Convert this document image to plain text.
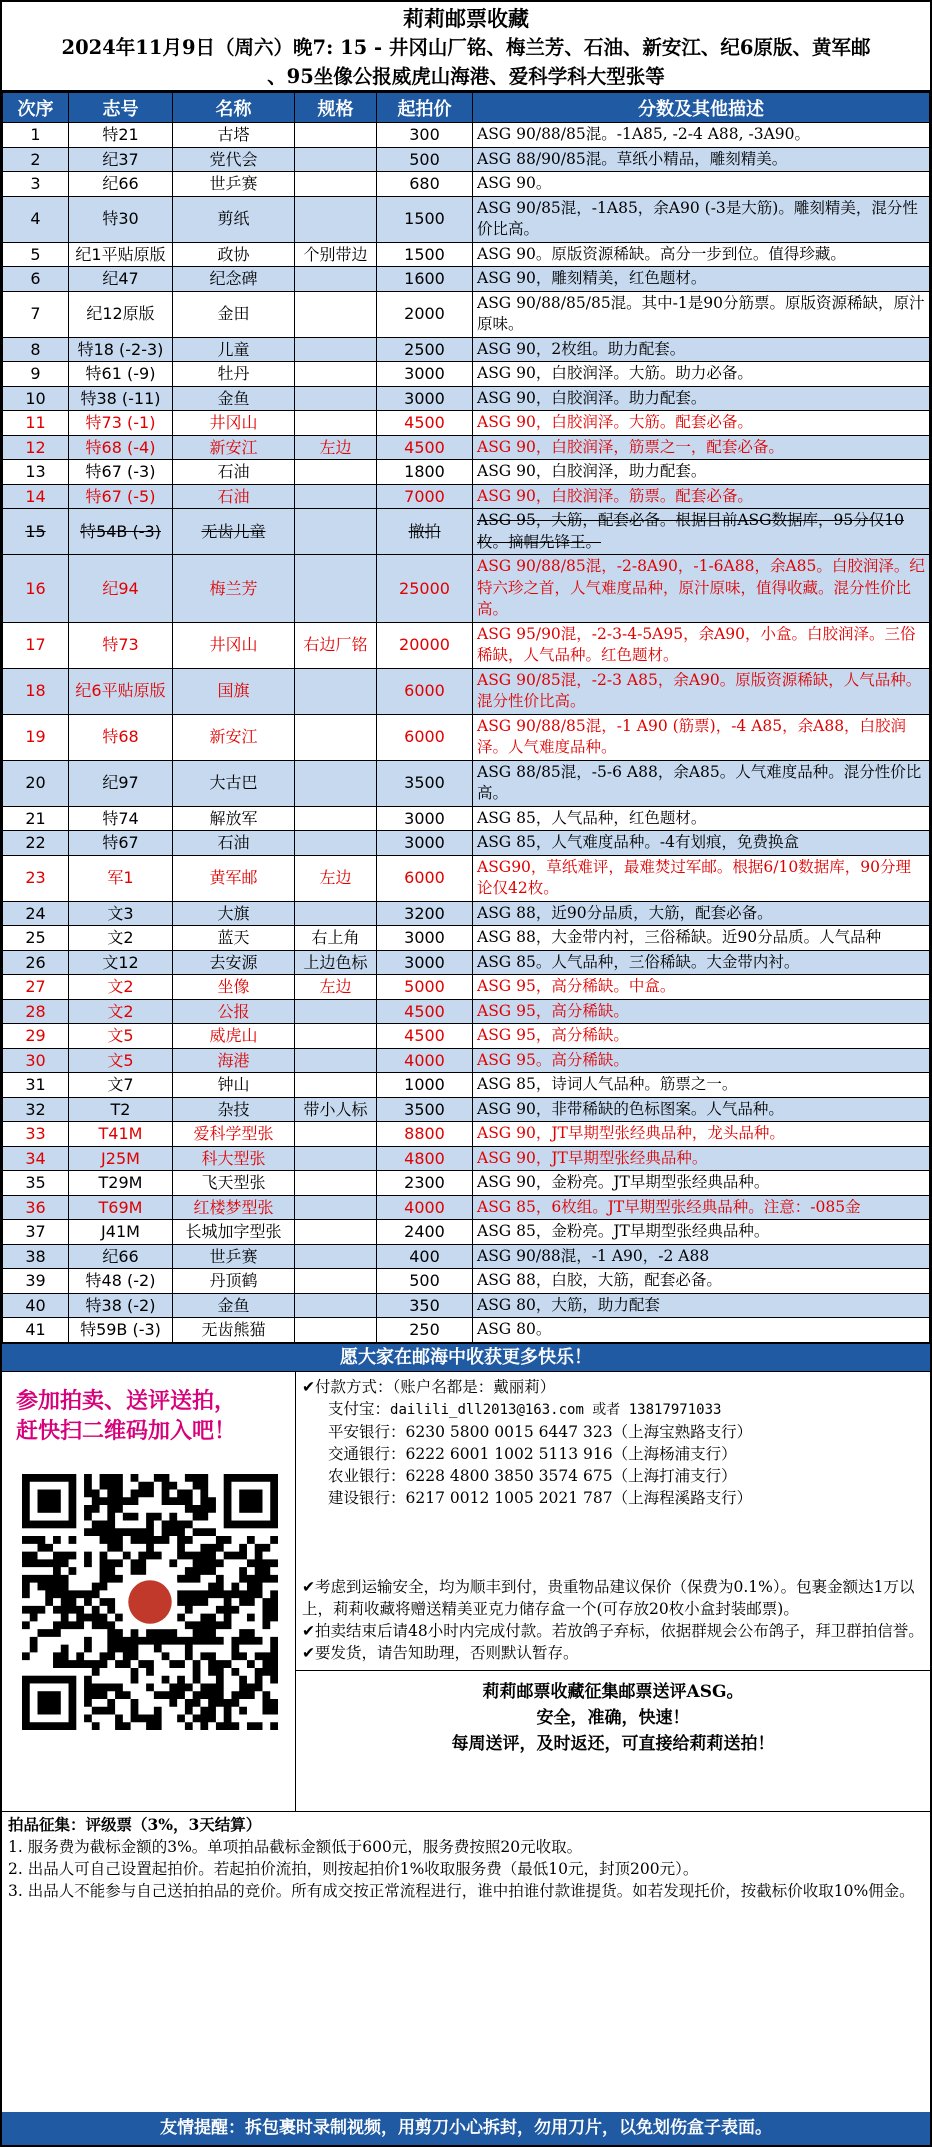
莉莉邮票收藏
2024年11月9日（周六）晚7: 15 - 井冈山厂铭、梅兰芳、石油、新安江、纪6原版、黄军邮
、95坐像公报威虎山海港、爱科学科大型张等
次序	志号	名称	规格	起拍价	分数及其他描述
1	特21	古塔		300	ASG 90/88/85混。-1A85, -2-4 A88, -3A90。
2	纪37	党代会		500	ASG 88/90/85混。草纸小精品，雕刻精美。
3	纪66	世乒赛		680	ASG 90。
4	特30	剪纸		1500	ASG 90/85混，-1A85，余A90 (-3是大筋)。雕刻精美，混分性价比高。
5	纪1平贴原版	政协	个别带边	1500	ASG 90。原版资源稀缺。高分一步到位。值得珍藏。
6	纪47	纪念碑		1600	ASG 90，雕刻精美，红色题材。
7	纪12原版	金田		2000	ASG 90/88/85/85混。其中-1是90分筋票。原版资源稀缺，原汁原味。
8	特18 (-2-3)	儿童		2500	ASG 90，2枚组。助力配套。
9	特61 (-9)	牡丹		3000	ASG 90，白胶润泽。大筋。助力必备。
10	特38 (-11)	金鱼		3000	ASG 90，白胶润泽。助力配套。
11	特73 (-1)	井冈山		4500	ASG 90，白胶润泽。大筋。配套必备。
12	特68 (-4)	新安江	左边	4500	ASG 90，白胶润泽，筋票之一，配套必备。
13	特67 (-3)	石油		1800	ASG 90，白胶润泽，助力配套。
14	特67 (-5)	石油		7000	ASG 90，白胶润泽。筋票。配套必备。
15	特54B (-3)	无齿儿童		撤拍	ASG 95，大筋，配套必备。根据目前ASG数据库，95分仅10枚。摘帽先锋王。
16	纪94	梅兰芳		25000	ASG 90/88/85混，-2-8A90，-1-6A88，余A85。白胶润泽。纪特六珍之首，人气难度品种，原汁原味，值得收藏。混分性价比高。
17	特73	井冈山	右边厂铭	20000	ASG 95/90混，-2-3-4-5A95，余A90，小盒。白胶润泽。三俗稀缺，人气品种。红色题材。
18	纪6平贴原版	国旗		6000	ASG 90/85混，-2-3 A85，余A90。原版资源稀缺，人气品种。混分性价比高。
19	特68	新安江		6000	ASG 90/88/85混，-1 A90 (筋票)，-4 A85，余A88，白胶润泽。人气难度品种。
20	纪97	大古巴		3500	ASG 88/85混，-5-6 A88，余A85。人气难度品种。混分性价比高。
21	特74	解放军		3000	ASG 85，人气品种，红色题材。
22	特67	石油		3000	ASG 85，人气难度品种。-4有划痕，免费换盒
23	军1	黄军邮	左边	6000	ASG90，草纸难评，最难焚过军邮。根据6/10数据库，90分理论仅42枚。
24	文3	大旗		3200	ASG 88，近90分品质，大筋，配套必备。
25	文2	蓝天	右上角	3000	ASG 88，大金带内衬，三俗稀缺。近90分品质。人气品种
26	文12	去安源	上边色标	3000	ASG 85。人气品种，三俗稀缺。大金带内衬。
27	文2	坐像	左边	5000	ASG 95，高分稀缺。中盒。
28	文2	公报		4500	ASG 95，高分稀缺。
29	文5	威虎山		4500	ASG 95，高分稀缺。
30	文5	海港		4000	ASG 95。高分稀缺。
31	文7	钟山		1000	ASG 85，诗词人气品种。筋票之一。
32	T2	杂技	带小人标	3500	ASG 90，非带稀缺的色标图案。人气品种。
33	T41M	爱科学型张		8800	ASG 90，JT早期型张经典品种，龙头品种。
34	J25M	科大型张		4800	ASG 90，JT早期型张经典品种。
35	T29M	飞天型张		2300	ASG 90，金粉亮。JT早期型张经典品种。
36	T69M	红楼梦型张		4000	ASG 85，6枚组。JT早期型张经典品种。注意：-085金
37	J41M	长城加字型张		2400	ASG 85，金粉亮。JT早期型张经典品种。
38	纪66	世乒赛		400	ASG 90/88混，-1 A90，-2 A88
39	特48 (-2)	丹顶鹤		500	ASG 88，白胶，大筋，配套必备。
40	特38 (-2)	金鱼		350	ASG 80，大筋，助力配套
41	特59B (-3)	无齿熊猫		250	ASG 80。
愿大家在邮海中收获更多快乐！
参加拍卖、送评送拍，
赶快扫二维码加入吧！
✔付款方式：（账户名都是：戴丽莉）
支付宝：dailili_dll2013@163.com 或者 13817971033
平安银行：6230 5800 0015 6447 323（上海宝熟路支行）
交通银行：6222 6001 1002 5113 916（上海杨浦支行）
农业银行：6228 4800 3850 3574 675（上海打浦支行）
建设银行：6217 0012 1005 2021 787（上海程溪路支行）

✔考虑到运输安全，均为顺丰到付，贵重物品建议保价（保费为0.1%）。包裹金额达1万以上，莉莉收藏将赠送精美亚克力储存盒一个(可存放20枚小盒封装邮票)。

✔拍卖结束后请48小时内完成付款。若放鸽子弃标，依据群规会公布鸽子，拜卫群拍信誉。

✔要发货，请告知助理，否则默认暂存。

莉莉邮票收藏征集邮票送评ASG。
安全，准确，快速！
每周送评，及时返还，可直接给莉莉送拍！
拍品征集：评级票（3%，3天结算）
1. 服务费为截标金额的3%。单项拍品截标金额低于600元，服务费按照20元收取。
2. 出品人可自己设置起拍价。若起拍价流拍，则按起拍价1%收取服务费（最低10元，封顶200元）。
3. 出品人不能参与自己送拍拍品的竞价。所有成交按正常流程进行，谁中拍谁付款谁提货。如若发现托价，按截标价收取10%佣金。
友情提醒：拆包裹时录制视频，用剪刀小心拆封，勿用刀片，以免划伤盒子表面。
